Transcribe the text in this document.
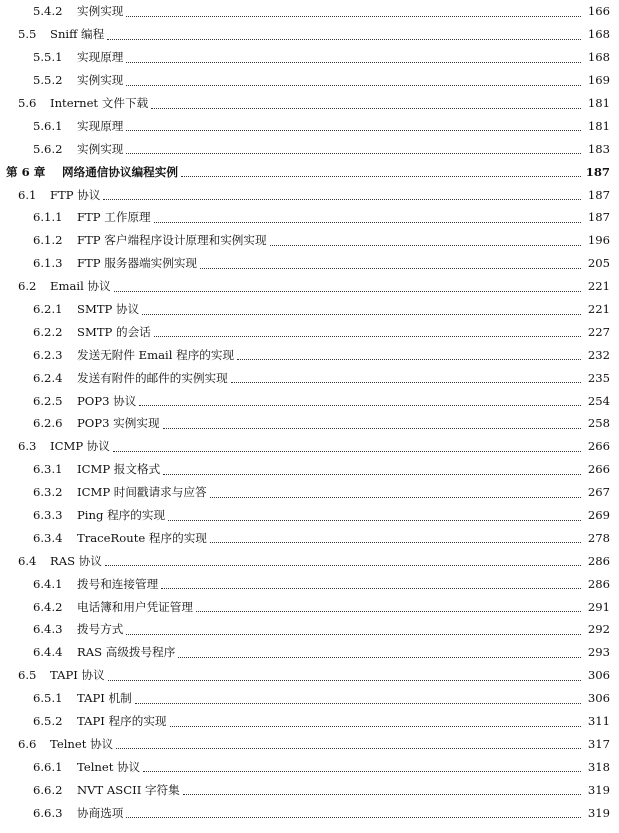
5.4.2	实例实现	166
5.5	Sniff 编程	168
5.5.1	实现原理	168
5.5.2	实例实现	169
5.6	Internet 文件下载	181
5.6.1	实现原理	181
5.6.2	实例实现	183
第 6 章	网络通信协议编程实例	187
6.1	FTP 协议	187
6.1.1	FTP 工作原理	187
6.1.2	FTP 客户端程序设计原理和实例实现	196
6.1.3	FTP 服务器端实例实现	205
6.2	Email 协议	221
6.2.1	SMTP 协议	221
6.2.2	SMTP 的会话	227
6.2.3	发送无附件 Email 程序的实现	232
6.2.4	发送有附件的邮件的实例实现	235
6.2.5	POP3 协议	254
6.2.6	POP3 实例实现	258
6.3	ICMP 协议	266
6.3.1	ICMP 报文格式	266
6.3.2	ICMP 时间戳请求与应答	267
6.3.3	Ping 程序的实现	269
6.3.4	TraceRoute 程序的实现	278
6.4	RAS 协议	286
6.4.1	拨号和连接管理	286
6.4.2	电话簿和用户凭证管理	291
6.4.3	拨号方式	292
6.4.4	RAS 高级拨号程序	293
6.5	TAPI 协议	306
6.5.1	TAPI 机制	306
6.5.2	TAPI 程序的实现	311
6.6	Telnet 协议	317
6.6.1	Telnet 协议	318
6.6.2	NVT ASCII 字符集	319
6.6.3	协商选项	319
